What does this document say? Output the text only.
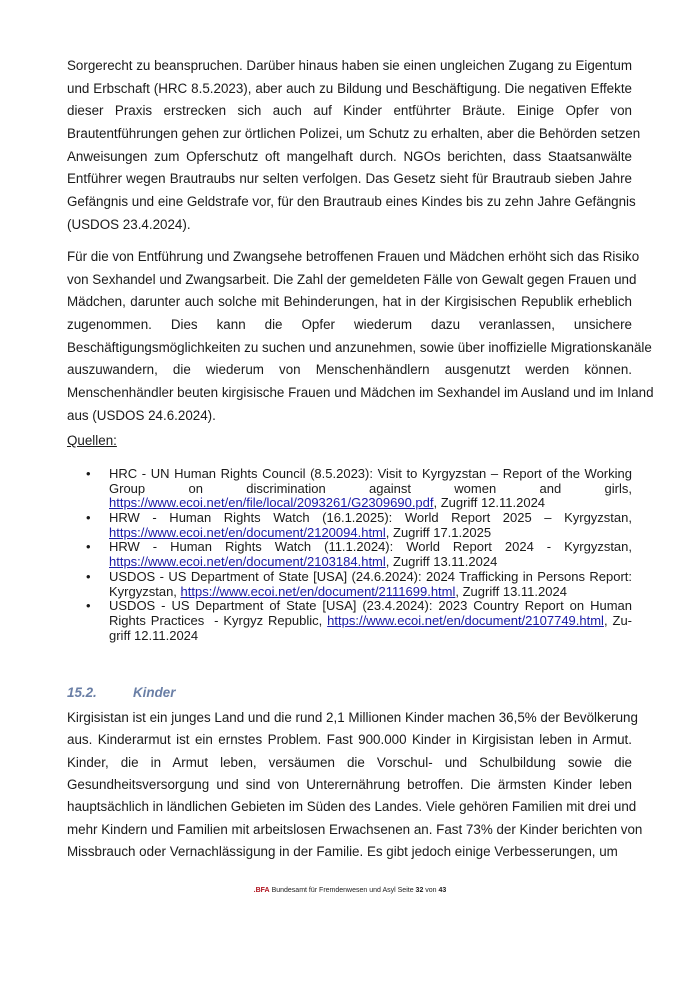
Sorgerecht zu beanspruchen. Darüber hinaus haben sie einen ungleichen Zugang zu Eigentum
und Erbschaft (HRC 8.5.2023), aber auch zu Bildung und Beschäftigung. Die negativen Effekte
dieser Praxis erstrecken sich auch auf Kinder entführter Bräute. Einige Opfer von
Brautentführungen gehen zur örtlichen Polizei, um Schutz zu erhalten, aber die Behörden setzen
Anweisungen zum Opferschutz oft mangelhaft durch. NGOs berichten, dass Staatsanwälte
Entführer wegen Brautraubs nur selten verfolgen. Das Gesetz sieht für Brautraub sieben Jahre
Gefängnis und eine Geldstrafe vor, für den Brautraub eines Kindes bis zu zehn Jahre Gefängnis
(USDOS 23.4.2024).
Für die von Entführung und Zwangsehe betroffenen Frauen und Mädchen erhöht sich das Risiko
von Sexhandel und Zwangsarbeit. Die Zahl der gemeldeten Fälle von Gewalt gegen Frauen und
Mädchen, darunter auch solche mit Behinderungen, hat in der Kirgisischen Republik erheblich
zugenommen. Dies kann die Opfer wiederum dazu veranlassen, unsichere
Beschäftigungsmöglichkeiten zu suchen und anzunehmen, sowie über inoffizielle Migrationskanäle
auszuwandern, die wiederum von Menschenhändlern ausgenutzt werden können.
Menschenhändler beuten kirgisische Frauen und Mädchen im Sexhandel im Ausland und im Inland
aus (USDOS 24.6.2024).
Quellen:
• HRC - UN Human Rights Council (8.5.2023): Visit to Kyrgyzstan – Report of the Working
Group on discrimination against women and girls,
https://www.ecoi.net/en/file/local/2093261/G2309690.pdf, Zugriff 12.11.2024
• HRW - Human Rights Watch (16.1.2025): World Report 2025 – Kyrgyzstan,
https://www.ecoi.net/en/document/2120094.html, Zugriff 17.1.2025
• HRW - Human Rights Watch (11.1.2024): World Report 2024 - Kyrgyzstan,
https://www.ecoi.net/en/document/2103184.html, Zugriff 13.11.2024
• USDOS - US Department of State [USA] (24.6.2024): 2024 Trafficking in Persons Report:
Kyrgyzstan, https://www.ecoi.net/en/document/2111699.html, Zugriff 13.11.2024
• USDOS - US Department of State [USA] (23.4.2024): 2023 Country Report on Human
Rights Practices  - Kyrgyz Republic, https://www.ecoi.net/en/document/2107749.html, Zu-
griff 12.11.2024
15.2.	Kinder
Kirgisistan ist ein junges Land und die rund 2,1 Millionen Kinder machen 36,5% der Bevölkerung
aus. Kinderarmut ist ein ernstes Problem. Fast 900.000 Kinder in Kirgisistan leben in Armut.
Kinder, die in Armut leben, versäumen die Vorschul- und Schulbildung sowie die
Gesundheitsversorgung und sind von Unterernährung betroffen. Die ärmsten Kinder leben
hauptsächlich in ländlichen Gebieten im Süden des Landes. Viele gehören Familien mit drei und
mehr Kindern und Familien mit arbeitslosen Erwachsenen an. Fast 73% der Kinder berichten von
Missbrauch oder Vernachlässigung in der Familie. Es gibt jedoch einige Verbesserungen, um
.BFA Bundesamt für Fremdenwesen und Asyl Seite 32 von 43
